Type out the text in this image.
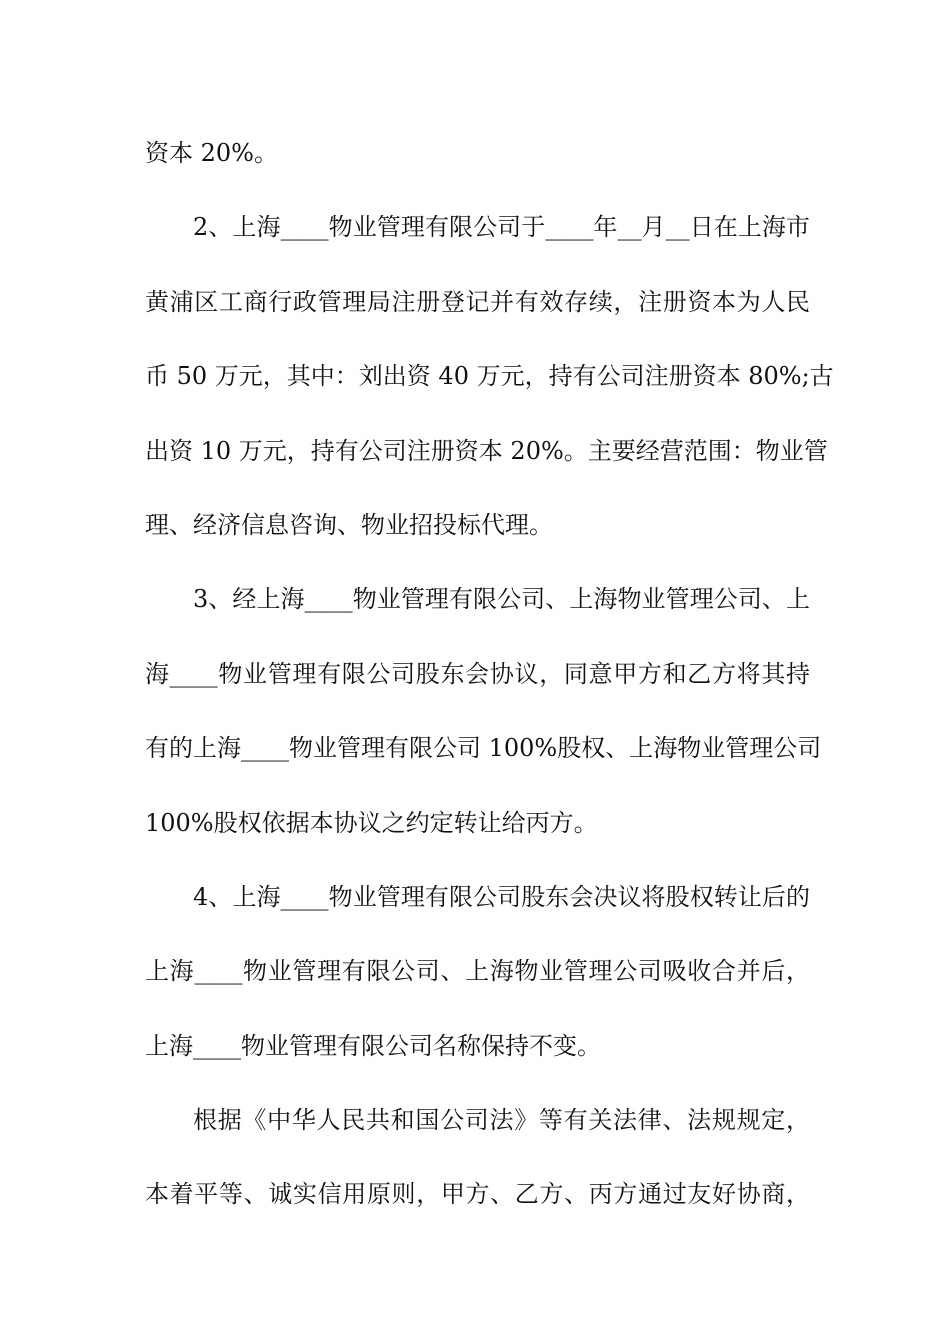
资本 20%。
2、上海____物业管理有限公司于____年__月__日在上海市
黄浦区工商行政管理局注册登记并有效存续，注册资本为人民
币 50 万元，其中：刘出资 40 万元，持有公司注册资本 80%;古
出资 10 万元，持有公司注册资本 20%。主要经营范围：物业管
理、经济信息咨询、物业招投标代理。
3、经上海____物业管理有限公司、上海物业管理公司、上
海____物业管理有限公司股东会协议，同意甲方和乙方将其持
有的上海____物业管理有限公司 100%股权、上海物业管理公司
100%股权依据本协议之约定转让给丙方。
4、上海____物业管理有限公司股东会决议将股权转让后的
上海____物业管理有限公司、上海物业管理公司吸收合并后，
上海____物业管理有限公司名称保持不变。
根据《中华人民共和国公司法》等有关法律、法规规定，
本着平等、诚实信用原则，甲方、乙方、丙方通过友好协商，
